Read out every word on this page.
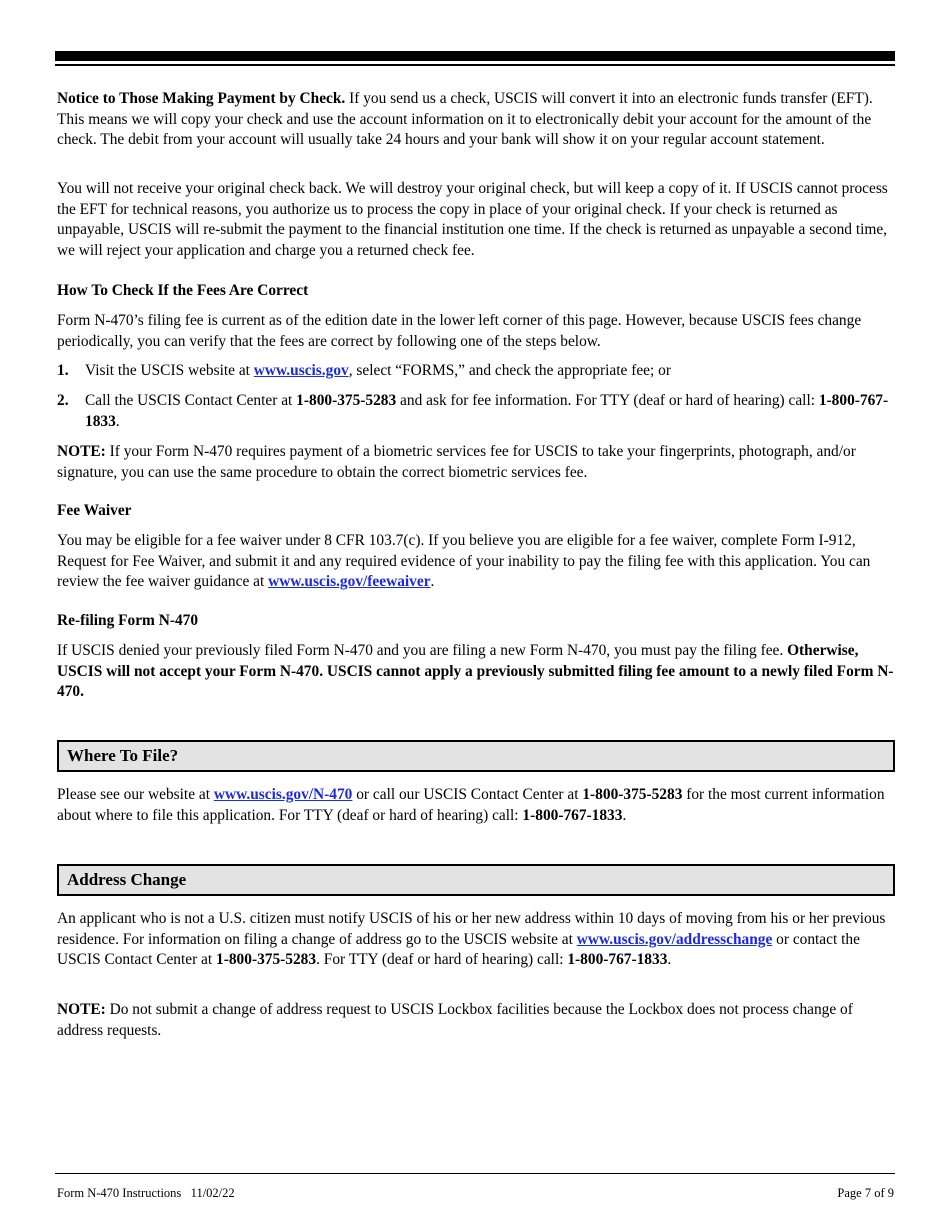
Notice to Those Making Payment by Check. If you send us a check, USCIS will convert it into an electronic funds transfer (EFT). This means we will copy your check and use the account information on it to electronically debit your account for the amount of the check. The debit from your account will usually take 24 hours and your bank will show it on your regular account statement.

You will not receive your original check back. We will destroy your original check, but will keep a copy of it. If USCIS cannot process the EFT for technical reasons, you authorize us to process the copy in place of your original check. If your check is returned as unpayable, USCIS will re-submit the payment to the financial institution one time. If the check is returned as unpayable a second time, we will reject your application and charge you a returned check fee.

How To Check If the Fees Are Correct

Form N-470’s filing fee is current as of the edition date in the lower left corner of this page. However, because USCIS fees change periodically, you can verify that the fees are correct by following one of the steps below.

1. Visit the USCIS website at www.uscis.gov, select “FORMS,” and check the appropriate fee; or

2. Call the USCIS Contact Center at 1-800-375-5283 and ask for fee information. For TTY (deaf or hard of hearing) call: 1-800-767-1833.

NOTE: If your Form N-470 requires payment of a biometric services fee for USCIS to take your fingerprints, photograph, and/or signature, you can use the same procedure to obtain the correct biometric services fee.

Fee Waiver

You may be eligible for a fee waiver under 8 CFR 103.7(c). If you believe you are eligible for a fee waiver, complete Form I-912, Request for Fee Waiver, and submit it and any required evidence of your inability to pay the filing fee with this application. You can review the fee waiver guidance at www.uscis.gov/feewaiver.

Re-filing Form N-470

If USCIS denied your previously filed Form N-470 and you are filing a new Form N-470, you must pay the filing fee. Otherwise, USCIS will not accept your Form N-470. USCIS cannot apply a previously submitted filing fee amount to a newly filed Form N-470.

Where To File?

Please see our website at www.uscis.gov/N-470 or call our USCIS Contact Center at 1-800-375-5283 for the most current information about where to file this application. For TTY (deaf or hard of hearing) call: 1-800-767-1833.

Address Change

An applicant who is not a U.S. citizen must notify USCIS of his or her new address within 10 days of moving from his or her previous residence. For information on filing a change of address go to the USCIS website at www.uscis.gov/addresschange or contact the USCIS Contact Center at 1-800-375-5283. For TTY (deaf or hard of hearing) call: 1-800-767-1833.

NOTE: Do not submit a change of address request to USCIS Lockbox facilities because the Lockbox does not process change of address requests.

Form N-470 Instructions   11/02/22	Page 7 of 9
